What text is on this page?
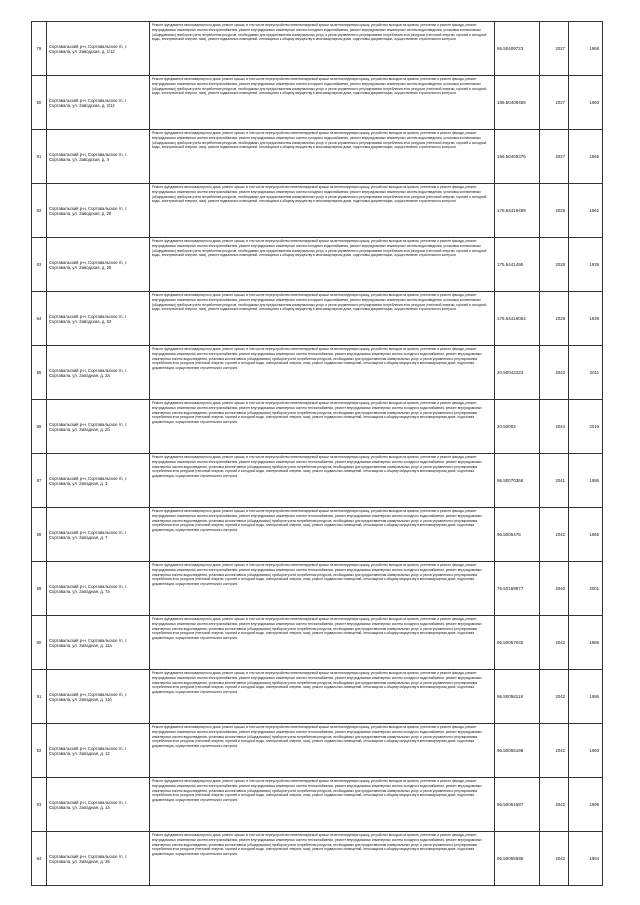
79	Сортавальский р-н, Сортавальское гп, г. Сортавала, ул. Заводская, д. 1/12	Ремонт фундамента многоквартирного дома, ремонт крыши, в том числе переустройство невентилируемой крыши на вентилируемую крышу, устройство выходов на кровлю, утепление и ремонт фасада, ремонт внутридомовых инженерных систем электроснабжения, ремонт внутридомовых инженерных систем холодного водоснабжения, ремонт внутридомовых инженерных систем водоотведения, установка коллективных (общедомовых) приборов учета потребления ресурсов, необходимых для предоставления коммунальных услуг, и узлов управления и регулирования потребления этих ресурсов (тепловой энергии, горячей и холодной воды, электрической энергии, газа), ремонт подвальных помещений, относящихся к общему имуществу в многоквартирном доме, подготовка документации, осуществление строительного контроля	86.50409723	2027	1968
80	Сортавальский р-н, Сортавальское гп, г. Сортавала, ул. Заводская, д. 2/14	Ремонт фундамента многоквартирного дома, ремонт крыши, в том числе переустройство невентилируемой крыши на вентилируемую крышу, устройство выходов на кровлю, утепление и ремонт фасада, ремонт внутридомовых инженерных систем электроснабжения, ремонт внутридомовых инженерных систем холодного водоснабжения, ремонт внутридомовых инженерных систем водоотведения, установка коллективных (общедомовых) приборов учета потребления ресурсов, необходимых для предоставления коммунальных услуг, и узлов управления и регулирования потребления этих ресурсов (тепловой энергии, горячей и холодной воды, электрической энергии, газа), ремонт подвальных помещений, относящихся к общему имуществу в многоквартирном доме, подготовка документации, осуществление строительного контроля	185.50409489	2027	1960
81	Сортавальский р-н, Сортавальское гп, г. Сортавала, ул. Заводская, д. 4	Ремонт фундамента многоквартирного дома, ремонт крыши, в том числе переустройство невентилируемой крыши на вентилируемую крышу, устройство выходов на кровлю, утепление и ремонт фасада, ремонт внутридомовых инженерных систем электроснабжения, ремонт внутридомовых инженерных систем холодного водоснабжения, ремонт внутридомовых инженерных систем водоотведения, установка коллективных (общедомовых) приборов учета потребления ресурсов, необходимых для предоставления коммунальных услуг, и узлов управления и регулирования потребления этих ресурсов (тепловой энергии, горячей и холодной воды, электрической энергии, газа), ремонт подвальных помещений, относящихся к общему имуществу в многоквартирном доме, подготовка документации, осуществление строительного контроля	156.50409376	2027	1965
82	Сортавальский р-н, Сортавальское гп, г. Сортавала, ул. Заводская, д. 20	Ремонт фундамента многоквартирного дома, ремонт крыши, в том числе переустройство невентилируемой крыши на вентилируемую крышу, устройство выходов на кровлю, утепление и ремонт фасада, ремонт внутридомовых инженерных систем электроснабжения, ремонт внутридомовых инженерных систем холодного водоснабжения, ремонт внутридомовых инженерных систем водоотведения, установка коллективных (общедомовых) приборов учета потребления ресурсов, необходимых для предоставления коммунальных услуг, и узлов управления и регулирования потребления этих ресурсов (тепловой энергии, горячей и холодной воды, электрической энергии, газа), ремонт подвальных помещений, относящихся к общему имуществу в многоквартирном доме, подготовка документации, осуществление строительного контроля	175.54419499	2028	1962
83	Сортавальский р-н, Сортавальское гп, г. Сортавала, ул. Заводская, д. 25	Ремонт фундамента многоквартирного дома, ремонт крыши, в том числе переустройство невентилируемой крыши на вентилируемую крышу, устройство выходов на кровлю, утепление и ремонт фасада, ремонт внутридомовых инженерных систем электроснабжения, ремонт внутридомовых инженерных систем холодного водоснабжения, ремонт внутридомовых инженерных систем водоотведения, установка коллективных (общедомовых) приборов учета потребления ресурсов, необходимых для предоставления коммунальных услуг, и узлов управления и регулирования потребления этих ресурсов (тепловой энергии, горячей и холодной воды, электрической энергии, газа), ремонт подвальных помещений, относящихся к общему имуществу в многоквартирном доме, подготовка документации, осуществление строительного контроля	175.5441495	2028	1939
84	Сортавальский р-н, Сортавальское гп, г. Сортавала, ул. Заводская, д. 53	Ремонт фундамента многоквартирного дома, ремонт крыши, в том числе переустройство невентилируемой крыши на вентилируемую крышу, устройство выходов на кровлю, утепление и ремонт фасада, ремонт внутридомовых инженерных систем электроснабжения, ремонт внутридомовых инженерных систем холодного водоснабжения, ремонт внутридомовых инженерных систем водоотведения, установка коллективных (общедомовых) приборов учета потребления ресурсов, необходимых для предоставления коммунальных услуг, и узлов управления и регулирования потребления этих ресурсов (тепловой энергии, горячей и холодной воды, электрической энергии, газа), ремонт подвальных помещений, относящихся к общему имуществу в многоквартирном доме, подготовка документации, осуществление строительного контроля	175.54419054	2028	1939
85	Сортавальский р-н, Сортавальское гп, г. Сортавала, ул. Западная, д. 2а	Ремонт фундамента многоквартирного дома, ремонт крыши, в том числе переустройство невентилируемой крыши на вентилируемую крышу, устройство выходов на кровлю, утепление и ремонт фасада, ремонт внутридомовых инженерных систем электроснабжения, ремонт внутридомовых инженерных систем теплоснабжения, ремонт внутридомовых инженерных систем холодного водоснабжения, ремонт внутридомовых инженерных систем водоотведения, установка коллективных (общедомовых) приборов учета потребления ресурсов, необходимых для предоставления коммунальных услуг, и узлов управления и регулирования потребления этих ресурсов (тепловой энергии, горячей и холодной воды, электрической энергии, газа), ремонт подвальных помещений, относящихся к общему имуществу в многоквартирном доме, подготовка документации, осуществление строительного контроля	20.50042323	2043	2011
86	Сортавальский р-н, Сортавальское гп, г. Сортавала, ул. Западная, д. 2б	Ремонт фундамента многоквартирного дома, ремонт крыши, в том числе переустройство невентилируемой крыши на вентилируемую крышу, устройство выходов на кровлю, утепление и ремонт фасада, ремонт внутридомовых инженерных систем электроснабжения, ремонт внутридомовых инженерных систем теплоснабжения, ремонт внутридомовых инженерных систем холодного водоснабжения, ремонт внутридомовых инженерных систем водоотведения, установка коллективных (общедомовых) приборов учета потребления ресурсов, необходимых для предоставления коммунальных услуг, и узлов управления и регулирования потребления этих ресурсов (тепловой энергии, горячей и холодной воды, электрической энергии, газа), ремонт подвальных помещений, относящихся к общему имуществу в многоквартирном доме, подготовка документации, осуществление строительного контроля	20.50002	2044	2016
87	Сортавальский р-н, Сортавальское гп, г. Сортавала, ул. Западная, д. 3	Ремонт фундамента многоквартирного дома, ремонт крыши, в том числе переустройство невентилируемой крыши на вентилируемую крышу, устройство выходов на кровлю, утепление и ремонт фасада, ремонт внутридомовых инженерных систем электроснабжения, ремонт внутридомовых инженерных систем теплоснабжения, ремонт внутридомовых инженерных систем холодного водоснабжения, ремонт внутридомовых инженерных систем водоотведения, установка коллективных (общедомовых) приборов учета потребления ресурсов, необходимых для предоставления коммунальных услуг, и узлов управления и регулирования потребления этих ресурсов (тепловой энергии, горячей и холодной воды, электрической энергии, газа), ремонт подвальных помещений, относящихся к общему имуществу в многоквартирном доме, подготовка документации, осуществление строительного контроля	96.50070366	2041	1986
88	Сортавальский р-н, Сортавальское гп, г. Сортавала, ул. Западная, д. 7	Ремонт фундамента многоквартирного дома, ремонт крыши, в том числе переустройство невентилируемой крыши на вентилируемую крышу, устройство выходов на кровлю, утепление и ремонт фасада, ремонт внутридомовых инженерных систем электроснабжения, ремонт внутридомовых инженерных систем теплоснабжения, ремонт внутридомовых инженерных систем холодного водоснабжения, ремонт внутридомовых инженерных систем водоотведения, установка коллективных (общедомовых) приборов учета потребления ресурсов, необходимых для предоставления коммунальных услуг, и узлов управления и регулирования потребления этих ресурсов (тепловой энергии, горячей и холодной воды, электрической энергии, газа), ремонт подвальных помещений, относящихся к общему имуществу в многоквартирном доме, подготовка документации, осуществление строительного контроля	96.5005475	2042	1965
89	Сортавальский р-н, Сортавальское гп, г. Сортавала, ул. Западная, д. 7а	Ремонт фундамента многоквартирного дома, ремонт крыши, в том числе переустройство невентилируемой крыши на вентилируемую крышу, устройство выходов на кровлю, утепление и ремонт фасада, ремонт внутридомовых инженерных систем электроснабжения, ремонт внутридомовых инженерных систем теплоснабжения, ремонт внутридомовых инженерных систем холодного водоснабжения, ремонт внутридомовых инженерных систем водоотведения, установка коллективных (общедомовых) приборов учета потребления ресурсов, необходимых для предоставления коммунальных услуг, и узлов управления и регулирования потребления этих ресурсов (тепловой энергии, горячей и холодной воды, электрической энергии, газа), ремонт подвальных помещений, относящихся к общему имуществу в многоквартирном доме, подготовка документации, осуществление строительного контроля	76.50169977	2040	2001
90	Сортавальский р-н, Сортавальское гп, г. Сортавала, ул. Западная, д. 11а	Ремонт фундамента многоквартирного дома, ремонт крыши, в том числе переустройство невентилируемой крыши на вентилируемую крышу, устройство выходов на кровлю, утепление и ремонт фасада, ремонт внутридомовых инженерных систем электроснабжения, ремонт внутридомовых инженерных систем теплоснабжения, ремонт внутридомовых инженерных систем холодного водоснабжения, ремонт внутридомовых инженерных систем водоотведения, установка коллективных (общедомовых) приборов учета потребления ресурсов, необходимых для предоставления коммунальных услуг, и узлов управления и регулирования потребления этих ресурсов (тепловой энергии, горячей и холодной воды, электрической энергии, газа), ремонт подвальных помещений, относящихся к общему имуществу в многоквартирном доме, подготовка документации, осуществление строительного контроля	96.50057045	2042	1986
91	Сортавальский р-н, Сортавальское гп, г. Сортавала, ул. Западная, д. 11б	Ремонт фундамента многоквартирного дома, ремонт крыши, в том числе переустройство невентилируемой крыши на вентилируемую крышу, устройство выходов на кровлю, утепление и ремонт фасада, ремонт внутридомовых инженерных систем электроснабжения, ремонт внутридомовых инженерных систем теплоснабжения, ремонт внутридомовых инженерных систем холодного водоснабжения, ремонт внутридомовых инженерных систем водоотведения, установка коллективных (общедомовых) приборов учета потребления ресурсов, необходимых для предоставления коммунальных услуг, и узлов управления и регулирования потребления этих ресурсов (тепловой энергии, горячей и холодной воды, электрической энергии, газа), ремонт подвальных помещений, относящихся к общему имуществу в многоквартирном доме, подготовка документации, осуществление строительного контроля	96.50058118	2042	1986
92	Сортавальский р-н, Сортавальское гп, г. Сортавала, ул. Западная, д. 12	Ремонт фундамента многоквартирного дома, ремонт крыши, в том числе переустройство невентилируемой крыши на вентилируемую крышу, устройство выходов на кровлю, утепление и ремонт фасада, ремонт внутридомовых инженерных систем электроснабжения, ремонт внутридомовых инженерных систем теплоснабжения, ремонт внутридомовых инженерных систем холодного водоснабжения, ремонт внутридомовых инженерных систем водоотведения, установка коллективных (общедомовых) приборов учета потребления ресурсов, необходимых для предоставления коммунальных услуг, и узлов управления и регулирования потребления этих ресурсов (тепловой энергии, горячей и холодной воды, электрической энергии, газа), ремонт подвальных помещений, относящихся к общему имуществу в многоквартирном доме, подготовка документации, осуществление строительного контроля	96.50056198	2042	1960
93	Сортавальский р-н, Сортавальское гп, г. Сортавала, ул. Западная, д. 14	Ремонт фундамента многоквартирного дома, ремонт крыши, в том числе переустройство невентилируемой крыши на вентилируемую крышу, устройство выходов на кровлю, утепление и ремонт фасада, ремонт внутридомовых инженерных систем электроснабжения, ремонт внутридомовых инженерных систем теплоснабжения, ремонт внутридомовых инженерных систем холодного водоснабжения, ремонт внутридомовых инженерных систем водоотведения, установка коллективных (общедомовых) приборов учета потребления ресурсов, необходимых для предоставления коммунальных услуг, и узлов управления и регулирования потребления этих ресурсов (тепловой энергии, горячей и холодной воды, электрической энергии, газа), ремонт подвальных помещений, относящихся к общему имуществу в многоквартирном доме, подготовка документации, осуществление строительного контроля	96.50061587	2042	1996
94	Сортавальский р-н, Сортавальское гп, г. Сортавала, ул. Западная, д. 25	Ремонт фундамента многоквартирного дома, ремонт крыши, в том числе переустройство невентилируемой крыши на вентилируемую крышу, устройство выходов на кровлю, утепление и ремонт фасада, ремонт внутридомовых инженерных систем электроснабжения, ремонт внутридомовых инженерных систем теплоснабжения, ремонт внутридомовых инженерных систем холодного водоснабжения, ремонт внутридомовых инженерных систем водоотведения, установка коллективных (общедомовых) приборов учета потребления ресурсов, необходимых для предоставления коммунальных услуг, и узлов управления и регулирования потребления этих ресурсов (тепловой энергии, горячей и холодной воды, электрической энергии, газа), ремонт подвальных помещений, относящихся к общему имуществу в многоквартирном доме, подготовка документации, осуществление строительного контроля	96.50065695	2042	1964
